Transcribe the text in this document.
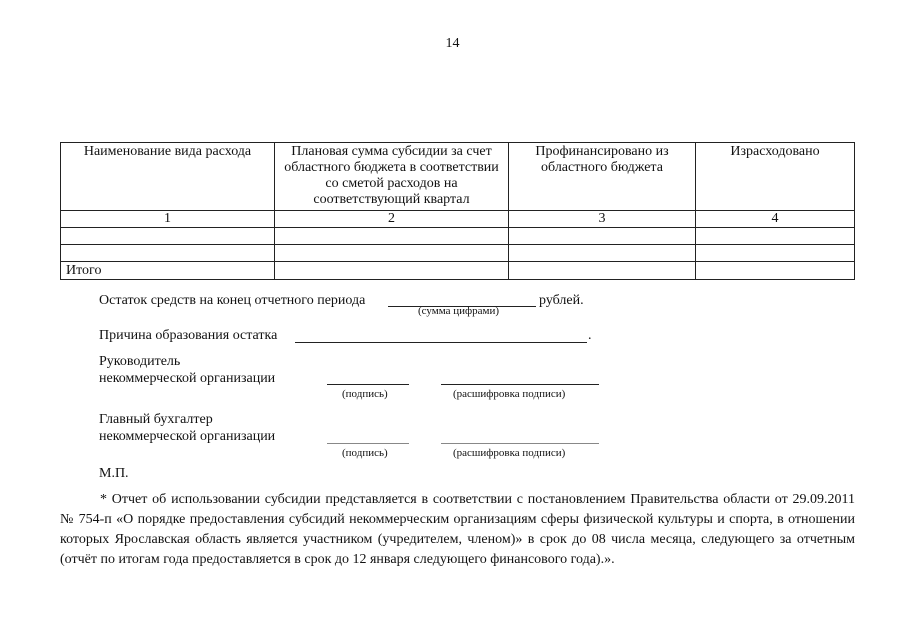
14
Наименование вида расхода	Плановая сумма субсидии за счет областного бюджета в соответствии со сметой расходов на соответствующий квартал	Профинансировано из областного бюджета	Израсходовано
1	2	3	4

Итого			
Остаток средств на конец отчетного периода
(сумма цифрами)
рублей.
Причина образования остатка	.
Руководитель
некоммерческой организации
(подпись)	(расшифровка подписи)
Главный бухгалтер
некоммерческой организации
(подпись)	(расшифровка подписи)
М.П.
* Отчет об использовании субсидии представляется в соответствии с постановлением Правительства области от 29.09.2011 № 754-п «О порядке предоставления субсидий некоммерческим организациям сферы физической культуры и спорта, в отношении которых Ярославская область является участником (учредителем, членом)» в срок до 08 числа месяца, следующего за отчетным (отчёт по итогам года предоставляется в срок до 12 января следующего финансового года).».
